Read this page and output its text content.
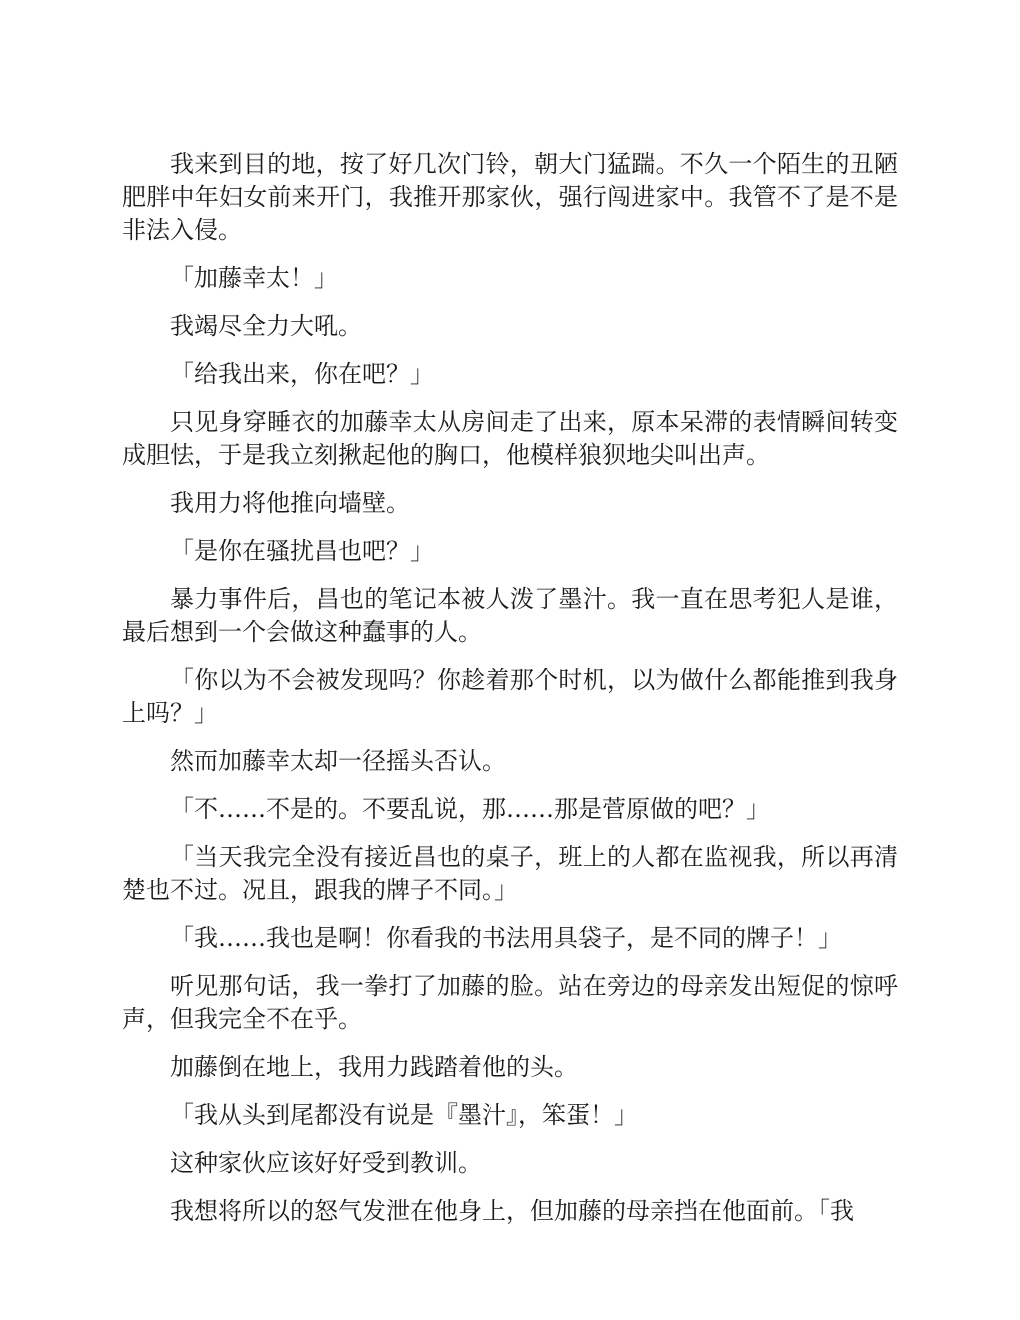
我来到目的地，按了好几次门铃，朝大门猛踹。不久一个陌生的丑陋肥胖中年妇女前来开门，我推开那家伙，强行闯进家中。我管不了是不是非法入侵。

「加藤幸太！」

我竭尽全力大吼。

「给我出来，你在吧？」

只见身穿睡衣的加藤幸太从房间走了出来，原本呆滞的表情瞬间转变成胆怯，于是我立刻揪起他的胸口，他模样狼狈地尖叫出声。

我用力将他推向墙壁。

「是你在骚扰昌也吧？」

暴力事件后，昌也的笔记本被人泼了墨汁。我一直在思考犯人是谁，最后想到一个会做这种蠢事的人。

「你以为不会被发现吗？你趁着那个时机，以为做什么都能推到我身上吗？」

然而加藤幸太却一径摇头否认。

「不……不是的。不要乱说，那……那是菅原做的吧？」

「当天我完全没有接近昌也的桌子，班上的人都在监视我，所以再清楚也不过。况且，跟我的牌子不同。」

「我……我也是啊！你看我的书法用具袋子，是不同的牌子！」

听见那句话，我一拳打了加藤的脸。站在旁边的母亲发出短促的惊呼声，但我完全不在乎。

加藤倒在地上，我用力践踏着他的头。

「我从头到尾都没有说是『墨汁』，笨蛋！」

这种家伙应该好好受到教训。

我想将所以的怒气发泄在他身上，但加藤的母亲挡在他面前。「我
